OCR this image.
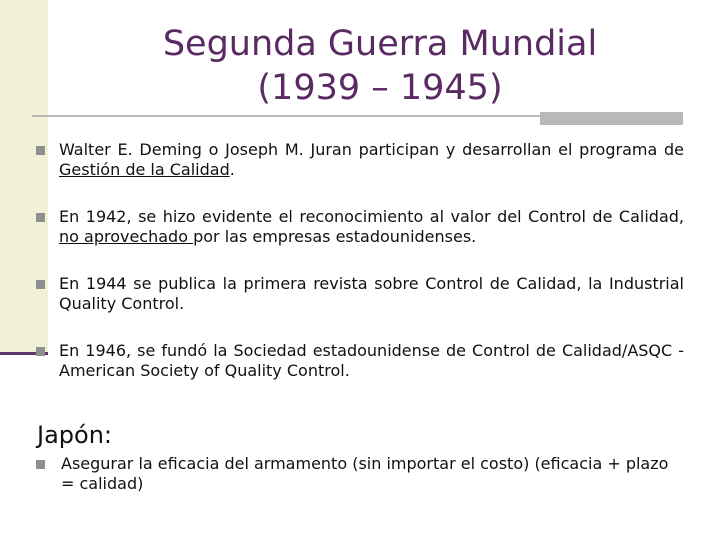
Segunda Guerra Mundial
(1939 – 1945)
Walter E. Deming o Joseph M. Juran participan y desarrollan el programa de Gestión de la Calidad.
En 1942, se hizo evidente el reconocimiento al valor del Control de Calidad, no aprovechado por las empresas estadounidenses.
En 1944 se publica la primera revista sobre Control de Calidad, la Industrial Quality Control.
En 1946, se fundó la Sociedad estadounidense de Control de Calidad/ASQC -American Society of Quality Control.
Japón:
Asegurar la eficacia del armamento (sin importar el costo) (eficacia + plazo = calidad)
